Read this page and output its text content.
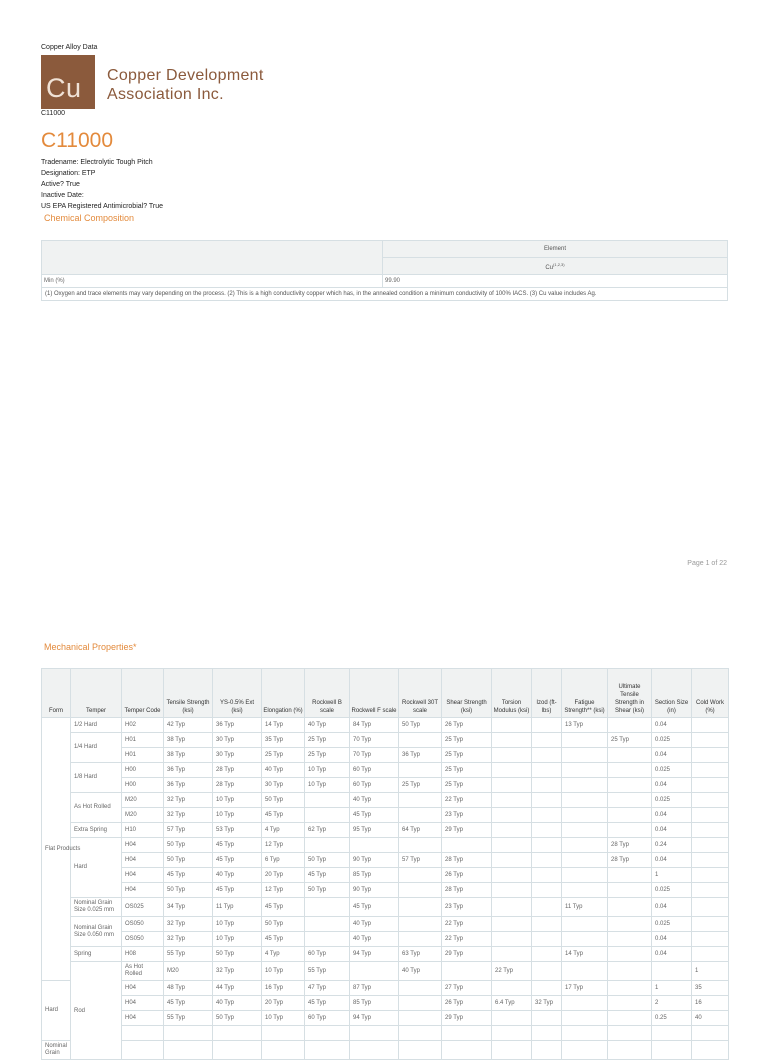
Copper Alloy Data
Cu Copper Development
Association Inc.
C11000
C11000
Tradename: Electrolytic Tough Pitch
Designation: ETP
Active? True
Inactive Date:
US EPA Registered Antimicrobial? True
Chemical Composition
	Element
	Cu$^{(1,2,3)}$
Min (%)	99.90
(1) Oxygen and trace elements may vary depending on the process. (2) This is a high conductivity copper which has, in the annealed condition a minimum conductivity of 100% IACS. (3) Cu value includes Ag.	
Page 1 of 22
Mechanical Properties*
Form	Temper	Temper Code	Tensile Strength (ksi)	YS-0.5% Ext (ksi)	Elongation (%)	Rockwell B scale	Rockwell F scale	Rockwell 30T scale	Shear Strength (ksi)	Torsion Modulus (ksi)	Izod (ft-lbs)	Fatigue Strength** (ksi)	Ultimate Tensile Strength in Shear (ksi)	Section Size (in)	Cold Work (%)	
Flat Products	1/2 Hard	H02	42 Typ	36 Typ	14 Typ	40 Typ	84 Typ	50 Typ	26 Typ			13 Typ		0.04		
	1/4 Hard	H01	38 Typ	30 Typ	35 Typ	25 Typ	70 Typ		25 Typ				25 Typ	0.025		
		H01	38 Typ	30 Typ	25 Typ	25 Typ	70 Typ	36 Typ	25 Typ					0.04		
	1/8 Hard	H00	36 Typ	28 Typ	40 Typ	10 Typ	60 Typ		25 Typ					0.025		
		H00	36 Typ	28 Typ	30 Typ	10 Typ	60 Typ	25 Typ	25 Typ					0.04		
	As Hot Rolled	M20	32 Typ	10 Typ	50 Typ		40 Typ		22 Typ					0.025		
		M20	32 Typ	10 Typ	45 Typ		45 Typ		23 Typ					0.04		
	Extra Spring	H10	57 Typ	53 Typ	4 Typ	62 Typ	95 Typ	64 Typ	29 Typ					0.04		
	Hard	H04	50 Typ	45 Typ	12 Typ								28 Typ	0.24		
		H04	50 Typ	45 Typ	6 Typ	50 Typ	90 Typ	57 Typ	28 Typ				28 Typ	0.04		
		H04	45 Typ	40 Typ	20 Typ	45 Typ	85 Typ		26 Typ					1		
		H04	50 Typ	45 Typ	12 Typ	50 Typ	90 Typ		28 Typ					0.025		
	Nominal Grain Size 0.025 mm	OS025	34 Typ	11 Typ	45 Typ		45 Typ		23 Typ			11 Typ		0.04		
	Nominal Grain Size 0.050 mm	OS050	32 Typ	10 Typ	50 Typ		40 Typ		22 Typ					0.025		
		OS050	32 Typ	10 Typ	45 Typ		40 Typ		22 Typ					0.04		
	Spring	H08	55 Typ	50 Typ	4 Typ	60 Typ	94 Typ	63 Typ	29 Typ			14 Typ		0.04		
	Rod	As Hot Rolled	M20	32 Typ	10 Typ	55 Typ		40 Typ		22 Typ					1	
Hard		H04	48 Typ	44 Typ	16 Typ	47 Typ	87 Typ		27 Typ			17 Typ		1	35	
		H04	45 Typ	40 Typ	20 Typ	45 Typ	85 Typ		26 Typ	6.4 Typ	32 Typ			2	16	
		H04	55 Typ	50 Typ	10 Typ	60 Typ	94 Typ		29 Typ					0.25	40	

Nominal Grain																
